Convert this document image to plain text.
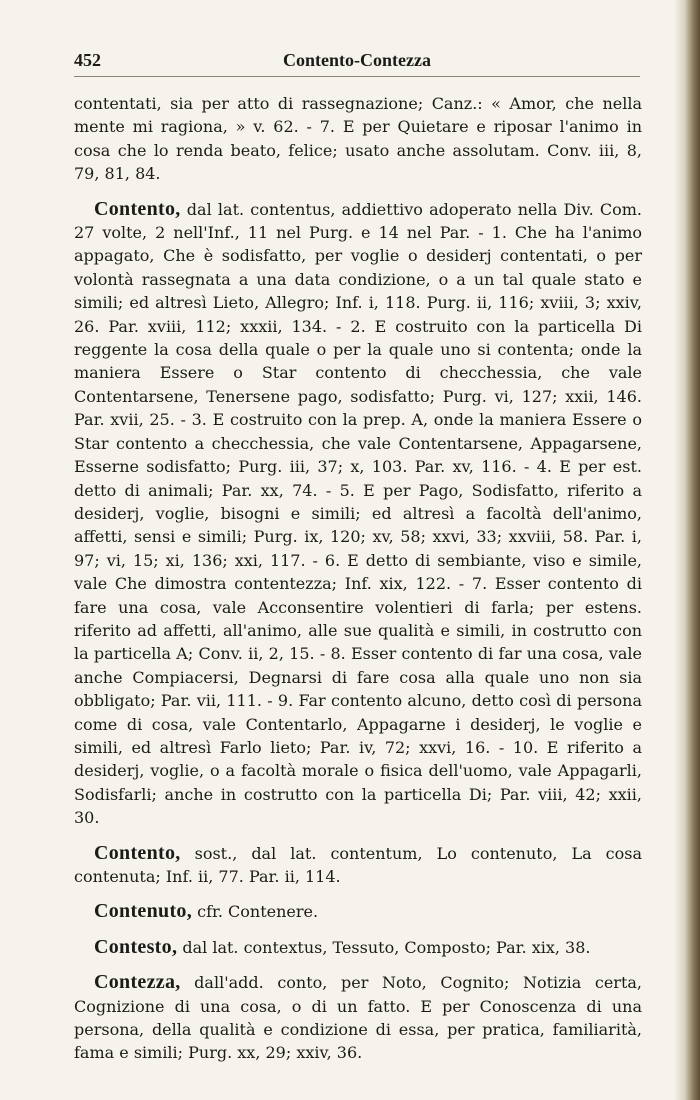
452	Contento-Contezza

contentati, sia per atto di rassegnazione; Canz.: « Amor, che nella mente mi ragiona, » v. 62. - 7. E per Quietare e riposar l'animo in cosa che lo renda beato, felice; usato anche assolutam. Conv. iii, 8, 79, 81, 84.

Contento, dal lat. contentus, addiettivo adoperato nella Div. Com. 27 volte, 2 nell'Inf., 11 nel Purg. e 14 nel Par. - 1. Che ha l'animo appagato, Che è sodisfatto, per voglie o desiderj contentati, o per volontà rassegnata a una data condizione, o a un tal quale stato e simili; ed altresì Lieto, Allegro; Inf. i, 118. Purg. ii, 116; xviii, 3; xxiv, 26. Par. xviii, 112; xxxii, 134. - 2. E costruito con la particella Di reggente la cosa della quale o per la quale uno si contenta; onde la maniera Essere o Star contento di checchessia, che vale Contentarsene, Tenersene pago, sodisfatto; Purg. vi, 127; xxii, 146. Par. xvii, 25. - 3. E costruito con la prep. A, onde la maniera Essere o Star contento a checchessia, che vale Contentarsene, Appagarsene, Esserne sodisfatto; Purg. iii, 37; x, 103. Par. xv, 116. - 4. E per est. detto di animali; Par. xx, 74. - 5. E per Pago, Sodisfatto, riferito a desiderj, voglie, bisogni e simili; ed altresì a facoltà dell'animo, affetti, sensi e simili; Purg. ix, 120; xv, 58; xxvi, 33; xxviii, 58. Par. i, 97; vi, 15; xi, 136; xxi, 117. - 6. E detto di sembiante, viso e simile, vale Che dimostra contentezza; Inf. xix, 122. - 7. Esser contento di fare una cosa, vale Acconsentire volentieri di farla; per estens. riferito ad affetti, all'animo, alle sue qualità e simili, in costrutto con la particella A; Conv. ii, 2, 15. - 8. Esser contento di far una cosa, vale anche Compiacersi, Degnarsi di fare cosa alla quale uno non sia obbligato; Par. vii, 111. - 9. Far contento alcuno, detto così di persona come di cosa, vale Contentarlo, Appagarne i desiderj, le voglie e simili, ed altresì Farlo lieto; Par. iv, 72; xxvi, 16. - 10. E riferito a desiderj, voglie, o a facoltà morale o fisica dell'uomo, vale Appagarli, Sodisfarli; anche in costrutto con la particella Di; Par. viii, 42; xxii, 30.

Contento, sost., dal lat. contentum, Lo contenuto, La cosa contenuta; Inf. ii, 77. Par. ii, 114.

Contenuto, cfr. Contenere.

Contesto, dal lat. contextus, Tessuto, Composto; Par. xix, 38.

Contezza, dall'add. conto, per Noto, Cognito; Notizia certa, Cognizione di una cosa, o di un fatto. E per Conoscenza di una persona, della qualità e condizione di essa, per pratica, familiarità, fama e simili; Purg. xx, 29; xxiv, 36.
